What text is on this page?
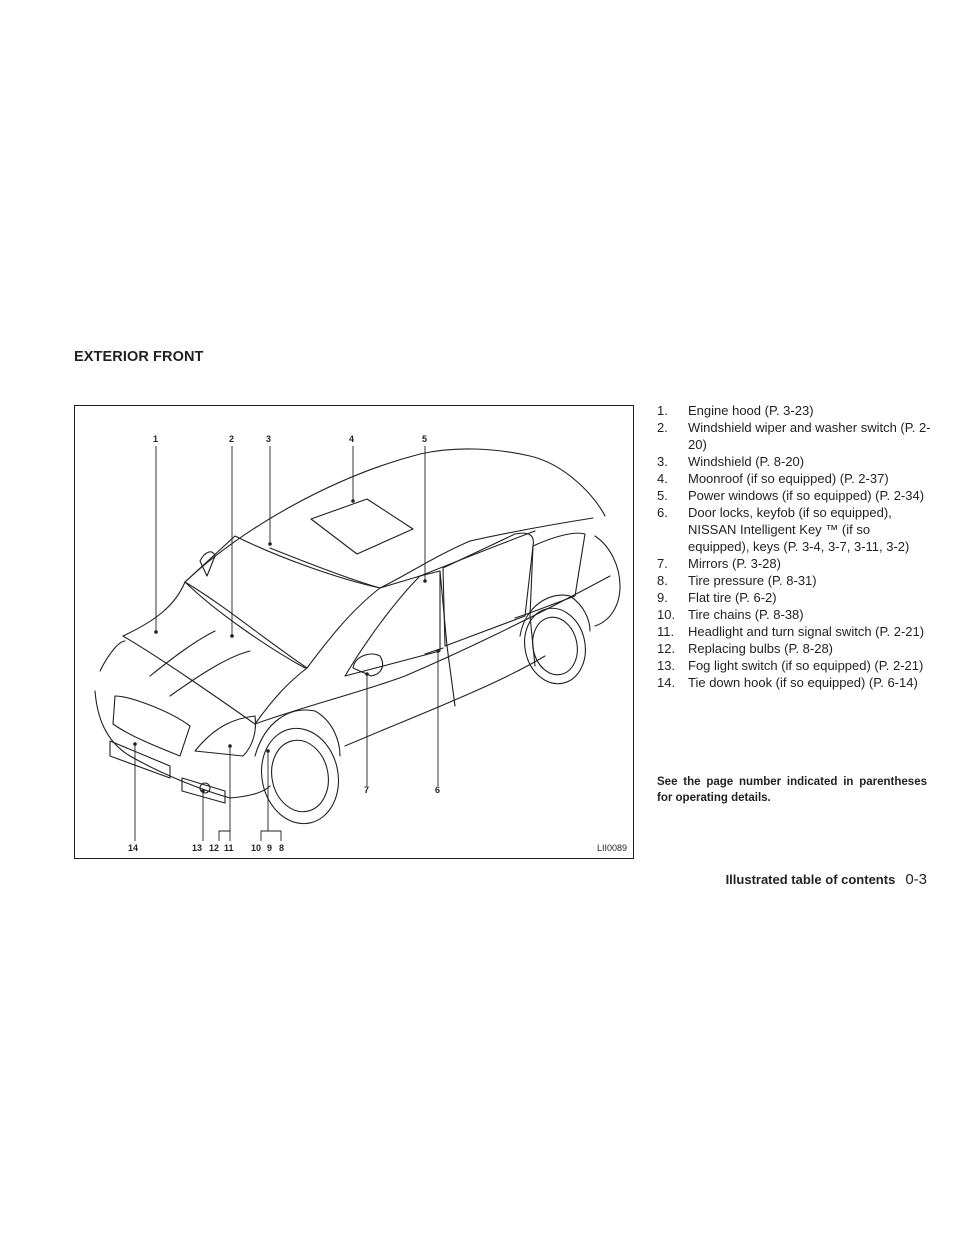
EXTERIOR FRONT
1	2	3	4	5
7	6
14	13 12 11 10 9 8	LII0089
1.	Engine hood (P. 3-23)
2.	Windshield wiper and washer switch (P. 2-20)
3.	Windshield (P. 8-20)
4.	Moonroof (if so equipped) (P. 2-37)
5.	Power windows (if so equipped) (P. 2-34)
6.	Door locks, keyfob (if so equipped), NISSAN Intelligent Key ™ (if so equipped), keys (P. 3-4, 3-7, 3-11, 3-2)
7.	Mirrors (P. 3-28)
8.	Tire pressure (P. 8-31)
9.	Flat tire (P. 6-2)
10. Tire chains (P. 8-38)
11.	Headlight and turn signal switch (P. 2-21)
12. Replacing bulbs (P. 8-28)
13. Fog light switch (if so equipped) (P. 2-21)
14. Tie down hook (if so equipped) (P. 6-14)
See the page number indicated in parentheses for operating details.
Illustrated table of contents 0-3
